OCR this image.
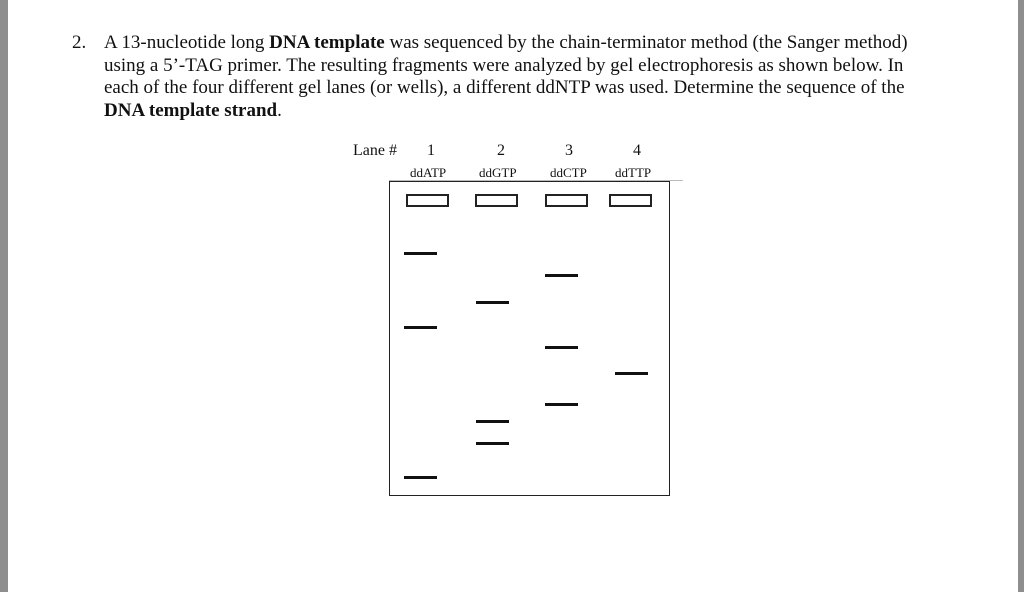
2. A 13-nucleotide long DNA template was sequenced by the chain-terminator method (the Sanger method)

using a 5’-TAG primer. The resulting fragments were analyzed by gel electrophoresis as shown below. In

each of the four different gel lanes (or wells), a different ddNTP was used. Determine the sequence of the

DNA template strand.

Lane # 1	2	3	4
ddATP	ddGTP	ddCTP ddTTP
